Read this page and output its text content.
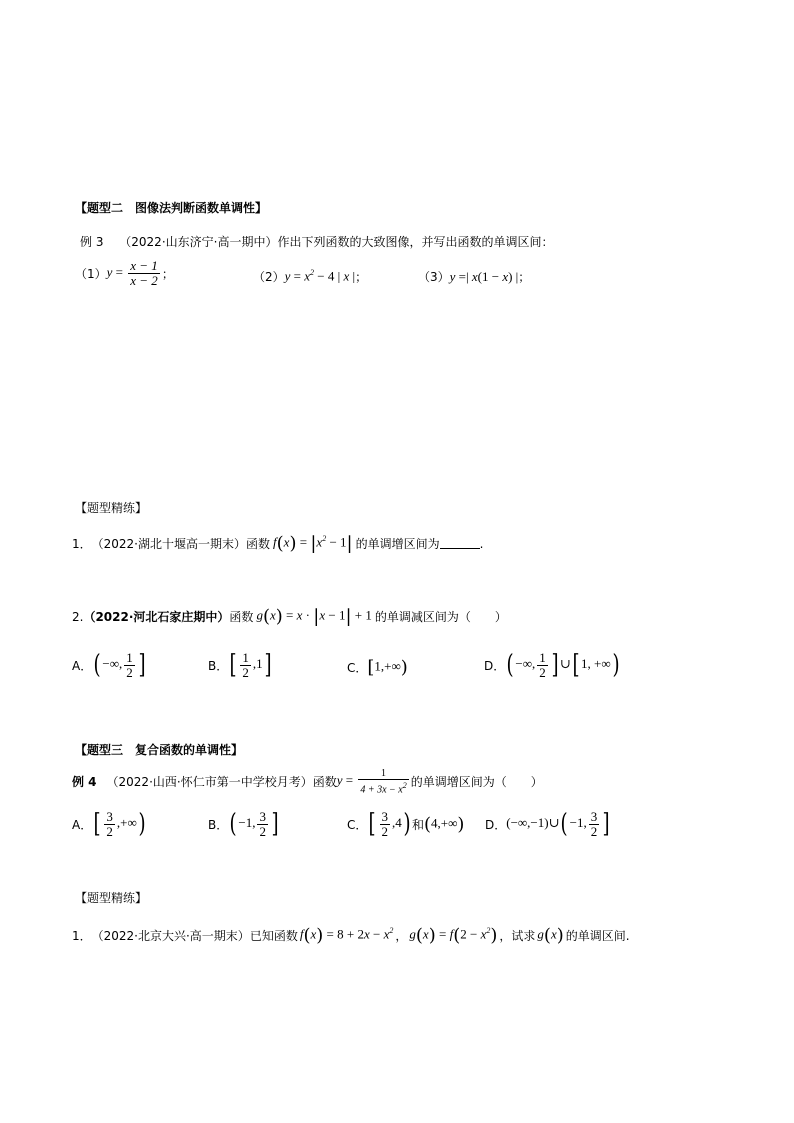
【题型二　图像法判断函数单调性】
例 3 （2022·山东济宁·高一期中）作出下列函数的大致图像，并写出函数的单调区间：
（1） $y = \frac{x - 1}{x - 2}$ ；	（2） $y = x^2 - 4$ | x | ；	（3） y =| x(1 − x) | ；
【题型精练】
1． （2022·湖北十堰高一期末） 函数 $f(x) = |x^2 - 1|$ 的单调增区间为	.
2. （2022·河北石家庄期中） 函数 g(x) = x · |x − 1| + 1 的单调减区间为（　　）
A． ( −∞, $\frac{1}{2}$ ]	B． [ $\frac{1}{2} ,1$]	C． [1,+∞)	D． ( −∞, $\frac{1}{2}$ ] ∪[ 1, +∞)
【题型三　复合函数的单调性】
例 4 （2022·山西·怀仁市第一中学校月考） 函数 $y = \frac{1}{4 + 3x - x^2}$ 的单调增区间为（　　）
A． [ $\frac{3}{2}$ ,+∞)	B． ( −1, $\frac{3}{2}$ ]	C． [ $\frac{3}{2} ,4$) 和 (4,+∞) D． (−∞,−1)∪( −1, $\frac{3}{2}$ ]
【题型精练】
1． （2022·北京大兴·高一期末） 已知函数 $f(x) = 8 + 2x - x^2$ ， $g(x) = f(2 - x^2)$ ，试求 g(x) 的单调区间.
